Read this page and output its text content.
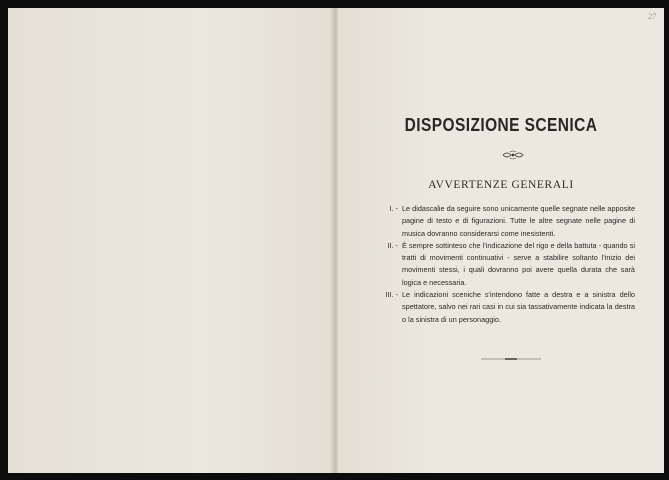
27
DISPOSIZIONE SCENICA
AVVERTENZE GENERALI
I. - Le didascalie da seguire sono unicamente quelle segnate nelle apposite pagine di testo e di figurazioni. Tutte le altre segnate nelle pagine di musica dovranno considerarsi come inesistenti.
II. - È sempre sottinteso che l'indicazione del rigo e della battuta - quando si tratti di movimenti continuativi - serve a stabilire soltanto l'inizio dei movimenti stessi, i quali dovranno poi avere quella durata che sarà logica e necessaria.
III. - Le indicazioni sceniche s'intendono fatte a destra e a sinistra dello spettatore, salvo nei rari casi in cui sia tassativamente indicata la destra o la sinistra di un personaggio.
